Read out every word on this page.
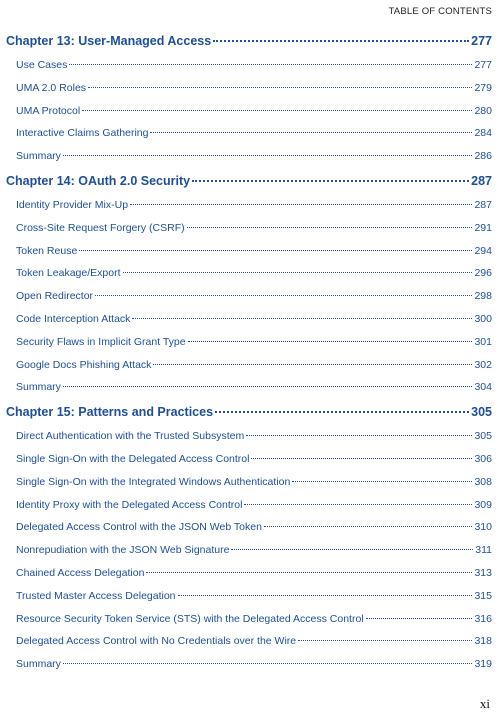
TABLE OF CONTENTS
Chapter 13: User-Managed Access	277
Use Cases	277
UMA 2.0 Roles	279
UMA Protocol	280
Interactive Claims Gathering	284
Summary	286
Chapter 14: OAuth 2.0 Security	287
Identity Provider Mix-Up	287
Cross-Site Request Forgery (CSRF)	291
Token Reuse	294
Token Leakage/Export	296
Open Redirector	298
Code Interception Attack	300
Security Flaws in Implicit Grant Type	301
Google Docs Phishing Attack	302
Summary	304
Chapter 15: Patterns and Practices	305
Direct Authentication with the Trusted Subsystem	305
Single Sign-On with the Delegated Access Control	306
Single Sign-On with the Integrated Windows Authentication	308
Identity Proxy with the Delegated Access Control	309
Delegated Access Control with the JSON Web Token	310
Nonrepudiation with the JSON Web Signature	311
Chained Access Delegation	313
Trusted Master Access Delegation	315
Resource Security Token Service (STS) with the Delegated Access Control	316
Delegated Access Control with No Credentials over the Wire	318
Summary	319
xi
